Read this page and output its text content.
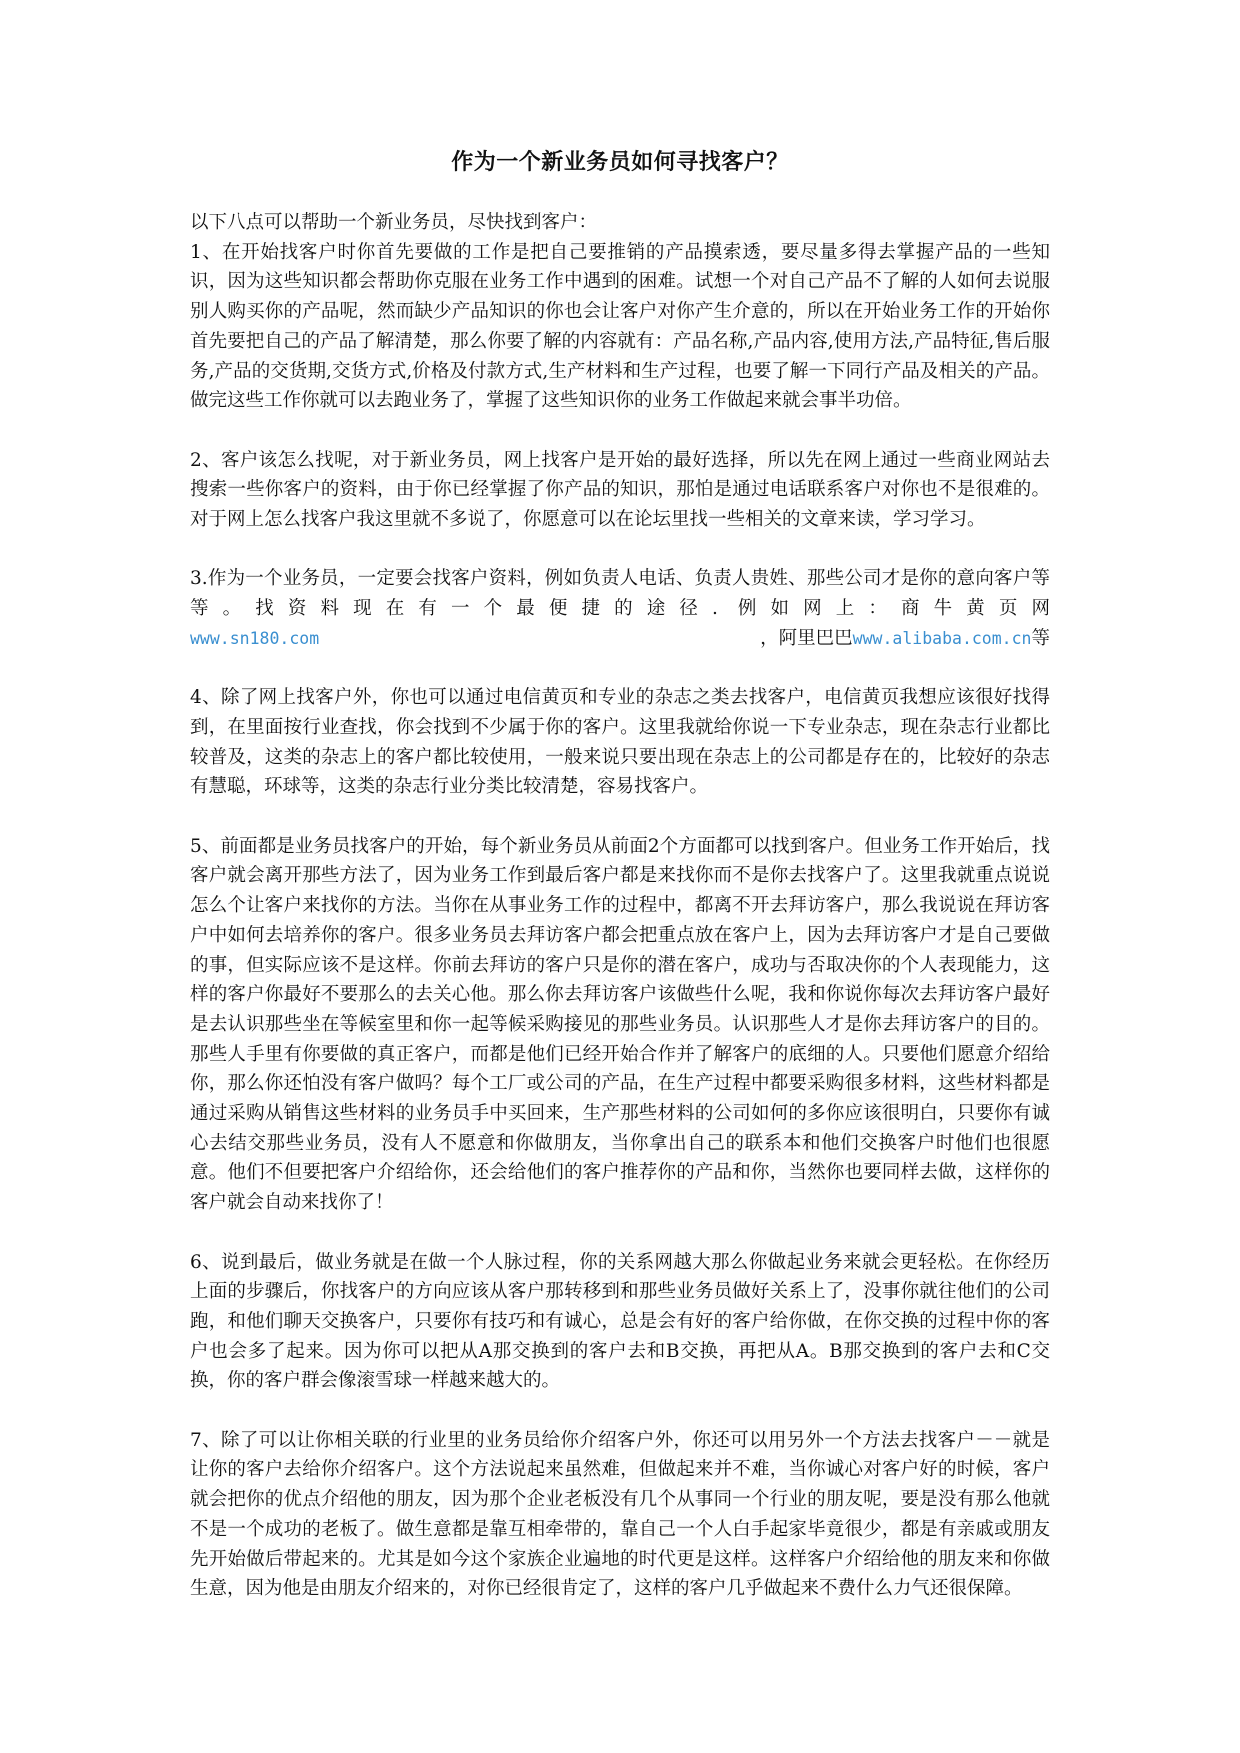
作为一个新业务员如何寻找客户？

以下八点可以帮助一个新业务员，尽快找到客户：

1、在开始找客户时你首先要做的工作是把自己要推销的产品摸索透，要尽量多得去掌握产品的一些知识，因为这些知识都会帮助你克服在业务工作中遇到的困难。试想一个对自己产品不了解的人如何去说服别人购买你的产品呢，然而缺少产品知识的你也会让客户对你产生介意的，所以在开始业务工作的开始你首先要把自己的产品了解清楚，那么你要了解的内容就有：产品名称,产品内容,使用方法,产品特征,售后服务,产品的交货期,交货方式,价格及付款方式,生产材料和生产过程，也要了解一下同行产品及相关的产品。做完这些工作你就可以去跑业务了，掌握了这些知识你的业务工作做起来就会事半功倍。

2、客户该怎么找呢，对于新业务员，网上找客户是开始的最好选择，所以先在网上通过一些商业网站去搜索一些你客户的资料，由于你已经掌握了你产品的知识，那怕是通过电话联系客户对你也不是很难的。对于网上怎么找客户我这里就不多说了，你愿意可以在论坛里找一些相关的文章来读，学习学习。

3.作为一个业务员，一定要会找客户资料，例如负责人电话、负责人贵姓、那些公司才是你的意向客户等等。找资料现在有一个最便捷的途径. 例如网上：商牛黄页网

www.sn180.com	，阿里巴巴www.alibaba.com.cn等

4、除了网上找客户外，你也可以通过电信黄页和专业的杂志之类去找客户，电信黄页我想应该很好找得到，在里面按行业查找，你会找到不少属于你的客户。这里我就给你说一下专业杂志，现在杂志行业都比较普及，这类的杂志上的客户都比较使用，一般来说只要出现在杂志上的公司都是存在的，比较好的杂志有慧聪，环球等，这类的杂志行业分类比较清楚，容易找客户。

5、前面都是业务员找客户的开始，每个新业务员从前面2个方面都可以找到客户。但业务工作开始后，找客户就会离开那些方法了，因为业务工作到最后客户都是来找你而不是你去找客户了。这里我就重点说说怎么个让客户来找你的方法。当你在从事业务工作的过程中，都离不开去拜访客户，那么我说说在拜访客户中如何去培养你的客户。很多业务员去拜访客户都会把重点放在客户上，因为去拜访客户才是自己要做的事，但实际应该不是这样。你前去拜访的客户只是你的潜在客户，成功与否取决你的个人表现能力，这样的客户你最好不要那么的去关心他。那么你去拜访客户该做些什么呢，我和你说你每次去拜访客户最好是去认识那些坐在等候室里和你一起等候采购接见的那些业务员。认识那些人才是你去拜访客户的目的。那些人手里有你要做的真正客户，而都是他们已经开始合作并了解客户的底细的人。只要他们愿意介绍给你，那么你还怕没有客户做吗？每个工厂或公司的产品，在生产过程中都要采购很多材料，这些材料都是通过采购从销售这些材料的业务员手中买回来，生产那些材料的公司如何的多你应该很明白，只要你有诚心去结交那些业务员，没有人不愿意和你做朋友，当你拿出自己的联系本和他们交换客户时他们也很愿意。他们不但要把客户介绍给你，还会给他们的客户推荐你的产品和你，当然你也要同样去做，这样你的客户就会自动来找你了！

6、说到最后，做业务就是在做一个人脉过程，你的关系网越大那么你做起业务来就会更轻松。在你经历上面的步骤后，你找客户的方向应该从客户那转移到和那些业务员做好关系上了，没事你就往他们的公司跑，和他们聊天交换客户，只要你有技巧和有诚心，总是会有好的客户给你做，在你交换的过程中你的客户也会多了起来。因为你可以把从A那交换到的客户去和B交换，再把从A。B那交换到的客户去和C交换，你的客户群会像滚雪球一样越来越大的。

7、除了可以让你相关联的行业里的业务员给你介绍客户外，你还可以用另外一个方法去找客户－－就是让你的客户去给你介绍客户。这个方法说起来虽然难，但做起来并不难，当你诚心对客户好的时候，客户就会把你的优点介绍他的朋友，因为那个企业老板没有几个从事同一个行业的朋友呢，要是没有那么他就不是一个成功的老板了。做生意都是靠互相牵带的，靠自己一个人白手起家毕竟很少，都是有亲戚或朋友先开始做后带起来的。尤其是如今这个家族企业遍地的时代更是这样。这样客户介绍给他的朋友来和你做生意，因为他是由朋友介绍来的，对你已经很肯定了，这样的客户几乎做起来不费什么力气还很保障。
